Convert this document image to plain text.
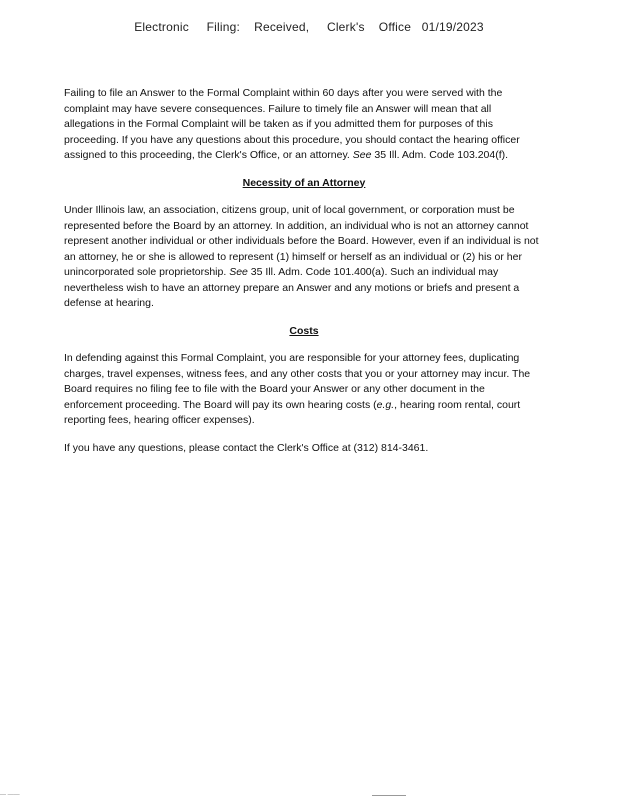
Electronic     Filing:    Received,     Clerk's    Office   01/19/2023

Failing to file an Answer to the Formal Complaint within 60 days after you were served with the complaint may have severe consequences. Failure to timely file an Answer will mean that all allegations in the Formal Complaint will be taken as if you admitted them for purposes of this proceeding. If you have any questions about this procedure, you should contact the hearing officer assigned to this proceeding, the Clerk's Office, or an attorney. See 35 Ill. Adm. Code 103.204(f).

Necessity of an Attorney

Under Illinois law, an association, citizens group, unit of local government, or corporation must be represented before the Board by an attorney. In addition, an individual who is not an attorney cannot represent another individual or other individuals before the Board. However, even if an individual is not an attorney, he or she is allowed to represent (1) himself or herself as an individual or (2) his or her unincorporated sole proprietorship. See 35 Ill. Adm. Code 101.400(a). Such an individual may nevertheless wish to have an attorney prepare an Answer and any motions or briefs and present a defense at hearing.

Costs

In defending against this Formal Complaint, you are responsible for your attorney fees, duplicating charges, travel expenses, witness fees, and any other costs that you or your attorney may incur. The Board requires no filing fee to file with the Board your Answer or any other document in the enforcement proceeding. The Board will pay its own hearing costs (e.g., hearing room rental, court reporting fees, hearing officer expenses).

If you have any questions, please contact the Clerk's Office at (312) 814-3461.

— ——
